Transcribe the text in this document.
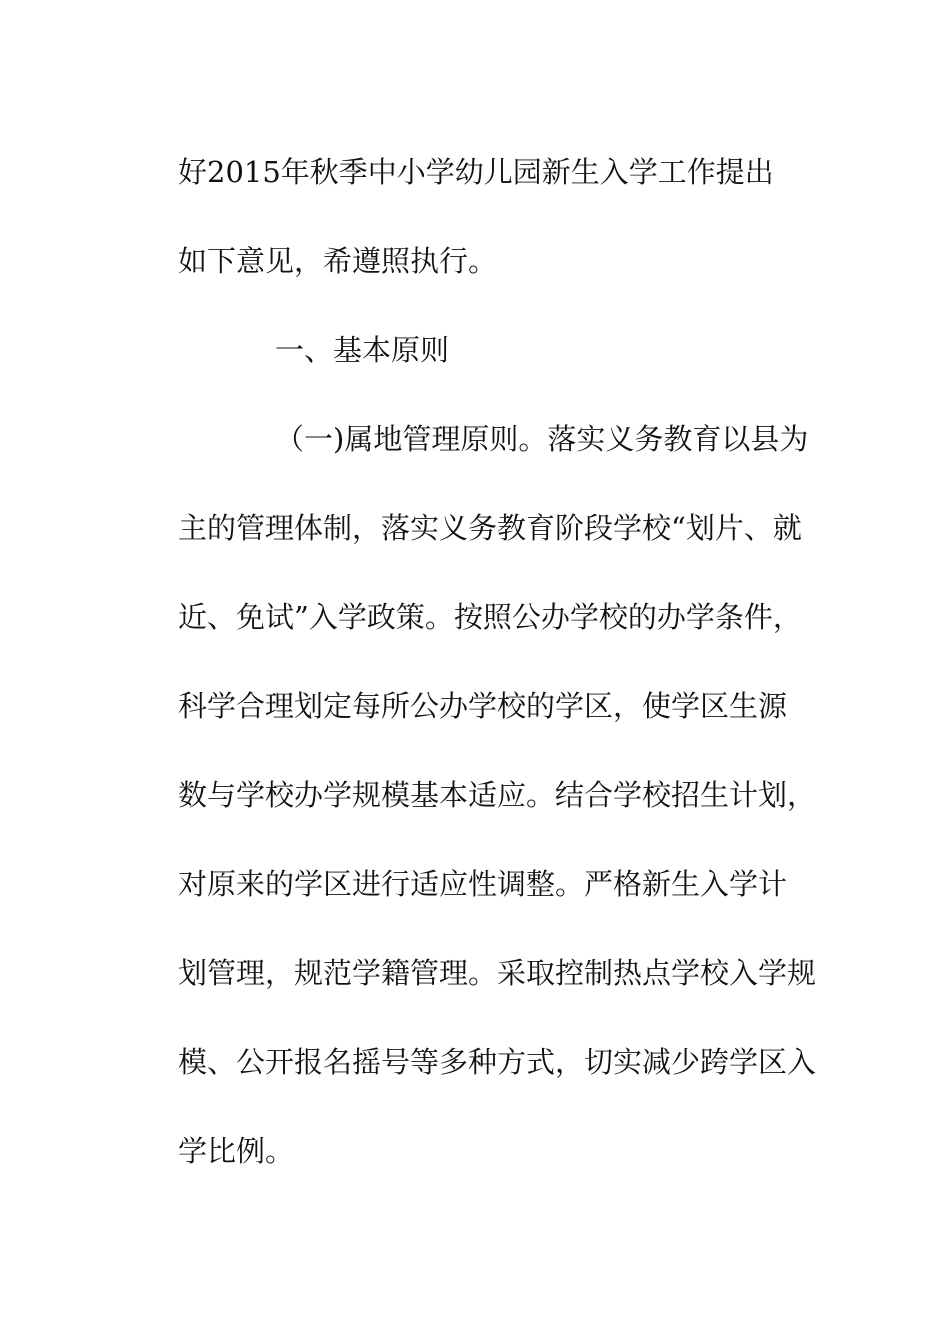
好2015年秋季中小学幼儿园新生入学工作提出
如下意见，希遵照执行。
一、基本原则
（一)属地管理原则。落实义务教育以县为
主的管理体制，落实义务教育阶段学校“划片、就
近、免试”入学政策。按照公办学校的办学条件，
科学合理划定每所公办学校的学区，使学区生源
数与学校办学规模基本适应。结合学校招生计划，
对原来的学区进行适应性调整。严格新生入学计
划管理，规范学籍管理。采取控制热点学校入学规
模、公开报名摇号等多种方式，切实减少跨学区入
学比例。
